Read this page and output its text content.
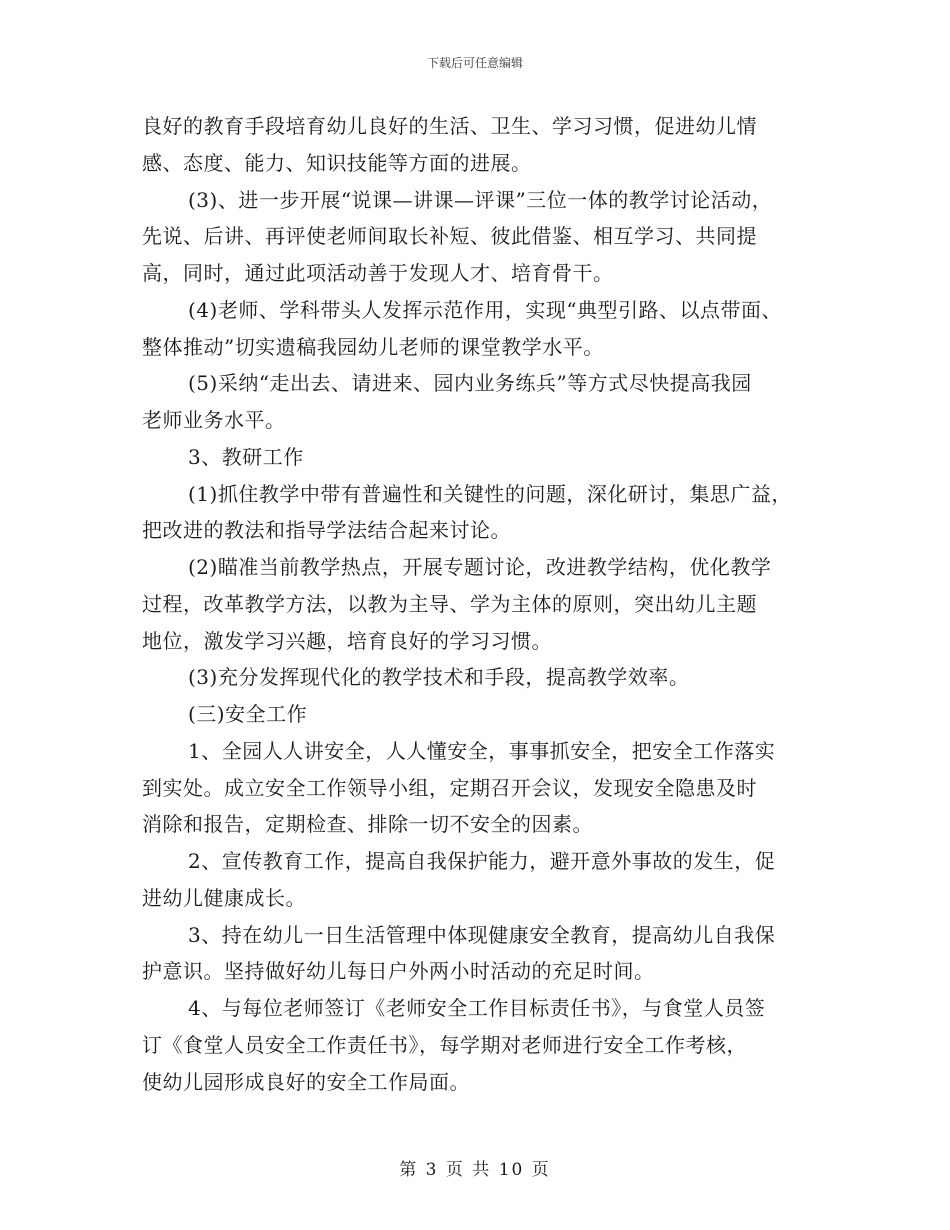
下载后可任意编辑
良好的教育手段培育幼儿良好的生活、卫生、学习习惯，促进幼儿情
感、态度、能力、知识技能等方面的进展。
(3)、进一步开展“说课—讲课—评课”三位一体的教学讨论活动，
先说、后讲、再评使老师间取长补短、彼此借鉴、相互学习、共同提
高，同时，通过此项活动善于发现人才、培育骨干。
(4)老师、学科带头人发挥示范作用，实现“典型引路、以点带面、
整体推动”切实遗稿我园幼儿老师的课堂教学水平。
(5)采纳“走出去、请进来、园内业务练兵”等方式尽快提高我园
老师业务水平。
3、教研工作
(1)抓住教学中带有普遍性和关键性的问题，深化研讨，集思广益，
把改进的教法和指导学法结合起来讨论。
(2)瞄准当前教学热点，开展专题讨论，改进教学结构，优化教学
过程，改革教学方法，以教为主导、学为主体的原则，突出幼儿主题
地位，激发学习兴趣，培育良好的学习习惯。
(3)充分发挥现代化的教学技术和手段，提高教学效率。
(三)安全工作
1、全园人人讲安全，人人懂安全，事事抓安全，把安全工作落实
到实处。成立安全工作领导小组，定期召开会议，发现安全隐患及时
消除和报告，定期检查、排除一切不安全的因素。
2、宣传教育工作，提高自我保护能力，避开意外事故的发生，促
进幼儿健康成长。
3、持在幼儿一日生活管理中体现健康安全教育，提高幼儿自我保
护意识。坚持做好幼儿每日户外两小时活动的充足时间。
4、与每位老师签订《老师安全工作目标责任书》，与食堂人员签
订《食堂人员安全工作责任书》，每学期对老师进行安全工作考核，
使幼儿园形成良好的安全工作局面。
第 3 页 共 10 页
